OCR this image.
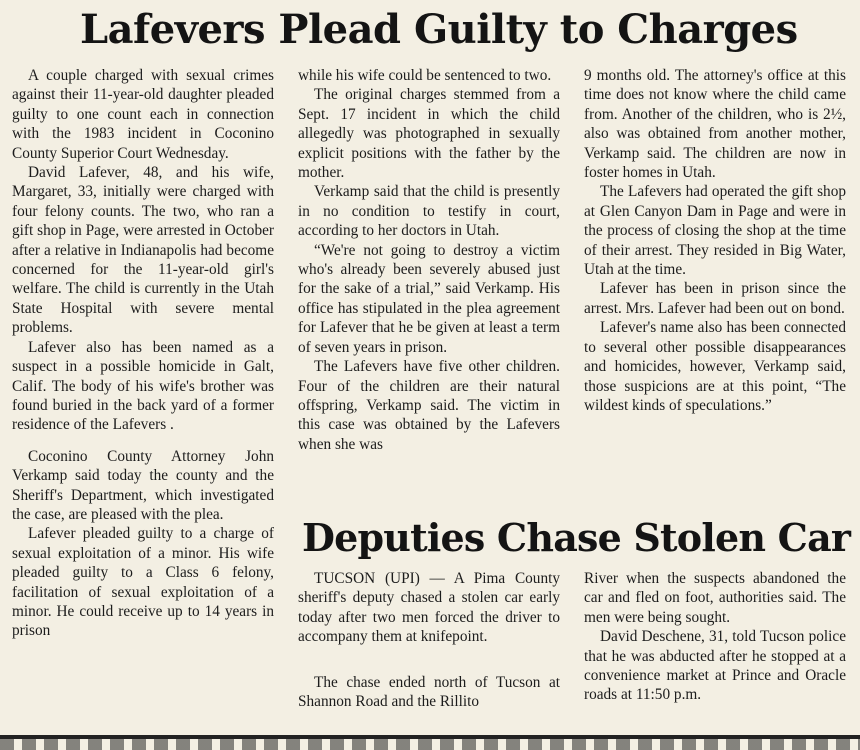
Lafevers Plead Guilty to Charges

A couple charged with sexual crimes against their 11-year-old daughter pleaded guilty to one count each in connection with the 1983 incident in Coconino County Superior Court Wednesday.

David Lafever, 48, and his wife, Margaret, 33, initially were charged with four felony counts. The two, who ran a gift shop in Page, were arrested in October after a relative in Indianapolis had become concerned for the 11-year-old girl's welfare. The child is currently in the Utah State Hospital with severe mental problems.

Lafever also has been named as a suspect in a possible homicide in Galt, Calif. The body of his wife's brother was found buried in the back yard of a former residence of the Lafevers .

Coconino County Attorney John Verkamp said today the county and the Sheriff's Department, which investigated the case, are pleased with the plea.

Lafever pleaded guilty to a charge of sexual exploitation of a minor. His wife pleaded guilty to a Class 6 felony, facilitation of sexual exploitation of a minor. He could receive up to 14 years in prison

while his wife could be sentenced to two.

The original charges stemmed from a Sept. 17 incident in which the child allegedly was photographed in sexually explicit positions with the father by the mother.

Verkamp said that the child is presently in no condition to testify in court, according to her doctors in Utah.

“We're not going to destroy a victim who's already been severely abused just for the sake of a trial,” said Verkamp. His office has stipulated in the plea agreement for Lafever that he be given at least a term of seven years in prison.

The Lafevers have five other children. Four of the children are their natural offspring, Verkamp said. The victim in this case was obtained by the Lafevers when she was

9 months old. The attorney's office at this time does not know where the child came from. Another of the children, who is 2½, also was obtained from another mother, Verkamp said. The children are now in foster homes in Utah.

The Lafevers had operated the gift shop at Glen Canyon Dam in Page and were in the process of closing the shop at the time of their arrest. They resided in Big Water, Utah at the time.

Lafever has been in prison since the arrest. Mrs. Lafever had been out on bond.

Lafever's name also has been connected to several other possible disappearances and homicides, however, Verkamp said, those suspicions are at this point, “The wildest kinds of speculations.”

Deputies Chase Stolen Car

TUCSON (UPI) — A Pima County sheriff's deputy chased a stolen car early today after two men forced the driver to accompany them at knifepoint.

The chase ended north of Tucson at Shannon Road and the Rillito

River when the suspects abandoned the car and fled on foot, authorities said. The men were being sought.

David Deschene, 31, told Tucson police that he was abducted after he stopped at a convenience market at Prince and Oracle roads at 11:50 p.m.
